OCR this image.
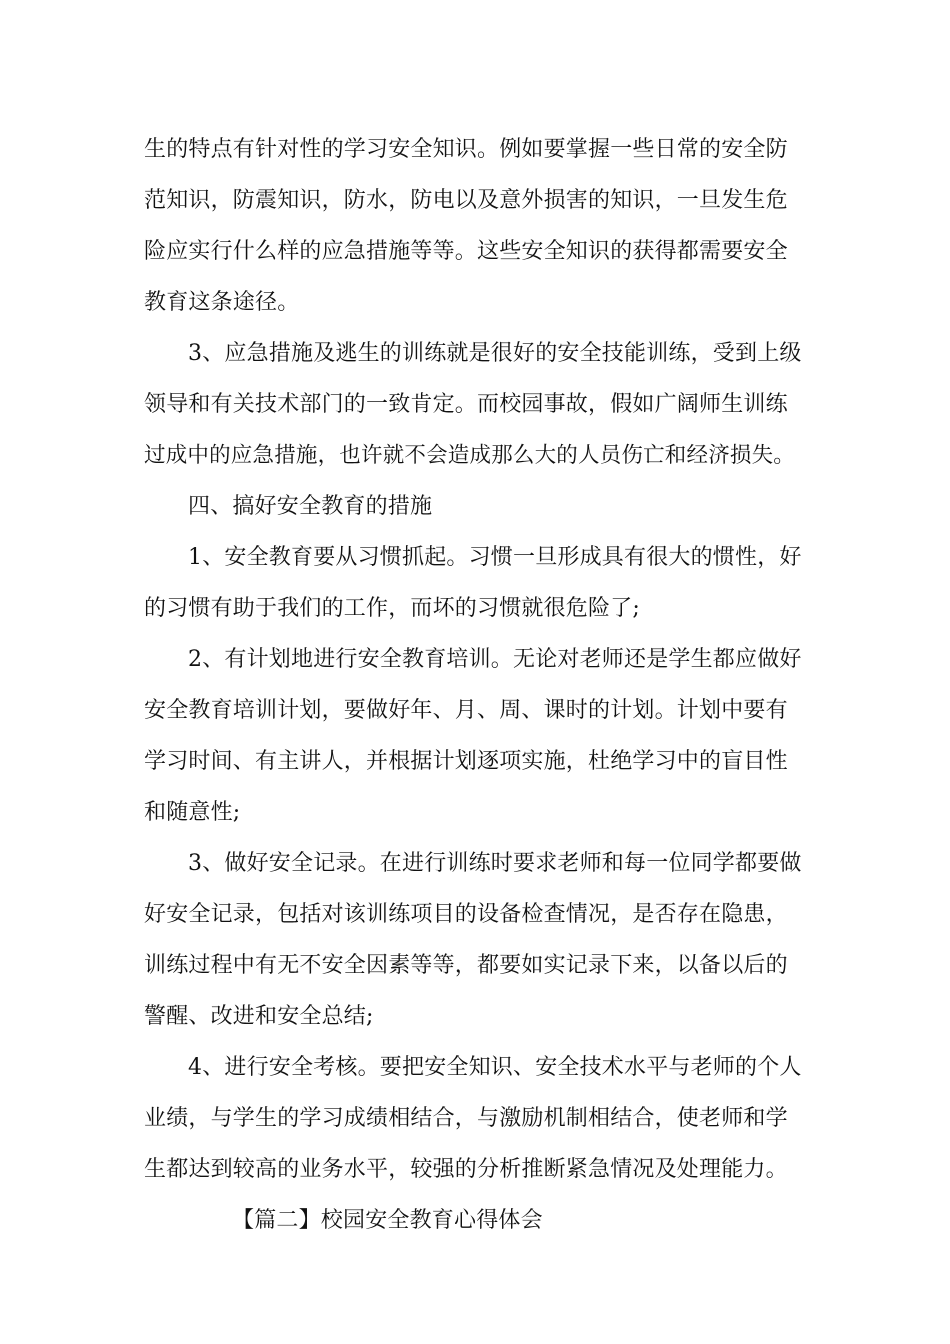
生的特点有针对性的学习安全知识。例如要掌握一些日常的安全防
范知识，防震知识，防水，防电以及意外损害的知识，一旦发生危
险应实行什么样的应急措施等等。这些安全知识的获得都需要安全
教育这条途径。
3、应急措施及逃生的训练就是很好的安全技能训练，受到上级
领导和有关技术部门的一致肯定。而校园事故，假如广阔师生训练
过成中的应急措施，也许就不会造成那么大的人员伤亡和经济损失。
四、搞好安全教育的措施
1、安全教育要从习惯抓起。习惯一旦形成具有很大的惯性，好
的习惯有助于我们的工作，而坏的习惯就很危险了;
2、有计划地进行安全教育培训。无论对老师还是学生都应做好
安全教育培训计划，要做好年、月、周、课时的计划。计划中要有
学习时间、有主讲人，并根据计划逐项实施，杜绝学习中的盲目性
和随意性;
3、做好安全记录。在进行训练时要求老师和每一位同学都要做
好安全记录，包括对该训练项目的设备检查情况，是否存在隐患，
训练过程中有无不安全因素等等，都要如实记录下来，以备以后的
警醒、改进和安全总结;
4、进行安全考核。要把安全知识、安全技术水平与老师的个人
业绩，与学生的学习成绩相结合，与激励机制相结合，使老师和学
生都达到较高的业务水平，较强的分析推断紧急情况及处理能力。
【篇二】校园安全教育心得体会
